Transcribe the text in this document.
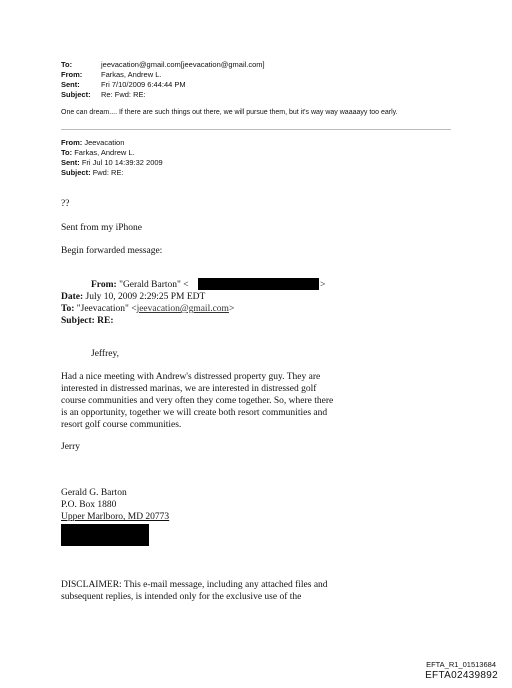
To:	jeevacation@gmail.com[jeevacation@gmail.com]
From:	Farkas, Andrew L.
Sent:	Fri 7/10/2009 6:44:44 PM
Subject: Re: Fwd: RE:
One can dream.... If there are such things out there, we will pursue them, but it's way way waaaayy too early.
From: Jeevacation
To: Farkas, Andrew L.
Sent: Fri Jul 10 14:39:32 2009
Subject: Fwd: RE:
??
Sent from my iPhone
Begin forwarded message:
From: "Gerald Barton" <	>
Date: July 10, 2009 2:29:25 PM EDT
To: "Jeevacation" <jeevacation@gmail.com>
Subject: RE:
Jeffrey,
Had a nice meeting with Andrew's distressed property guy. They are
interested in distressed marinas, we are interested in distressed golf
course communities and very often they come together. So, where there
is an opportunity, together we will create both resort communities and
resort golf course communities.
Jerry
Gerald G. Barton
P.O. Box 1880
Upper Marlboro, MD 20773
DISCLAIMER: This e-mail message, including any attached files and
subsequent replies, is intended only for the exclusive use of the
EFTA_R1_01513684
EFTA02439892
